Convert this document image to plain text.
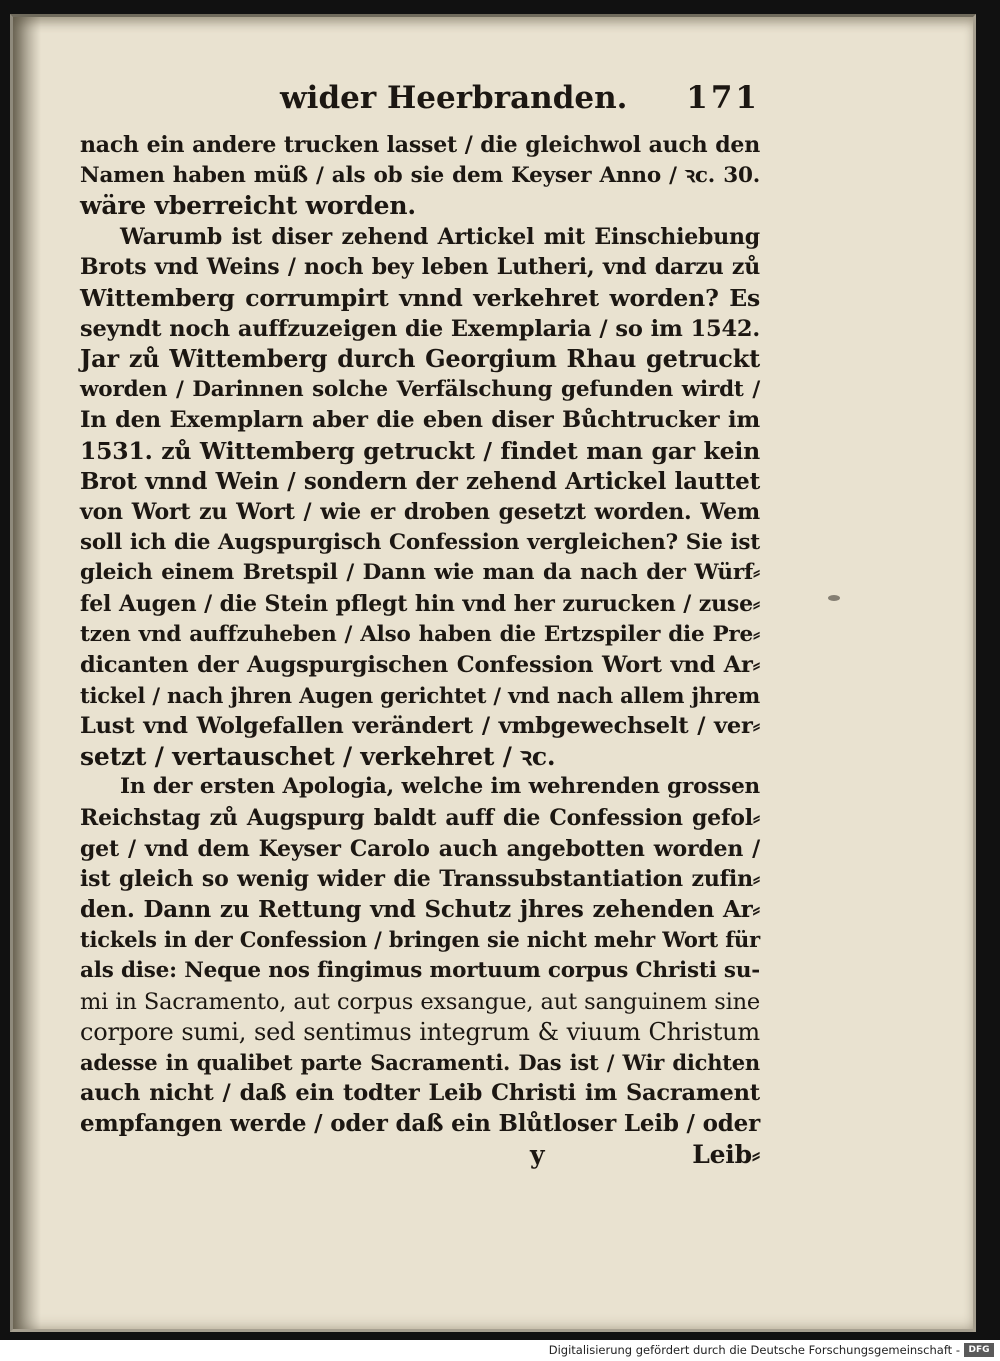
wider Heerbranden. 171
nach ein andere trucken lasset / die gleichwol auch den
Namen haben müß / als ob sie dem Keyser Anno / ꝛc. 30.
wäre vberreicht worden.
Warumb ist diser zehend Artickel mit Einschiebung
Brots vnd Weins / noch bey leben Lutheri, vnd darzu zů
Wittemberg corrumpirt vnnd verkehret worden? Es
seyndt noch auffzuzeigen die Exemplaria / so im 1542.
Jar zů Wittemberg durch Georgium Rhau getruckt
worden / Darinnen solche Verfälschung gefunden wirdt /
In den Exemplarn aber die eben diser Bůchtrucker im
1531. zů Wittemberg getruckt / findet man gar kein
Brot vnnd Wein / sondern der zehend Artickel lauttet
von Wort zu Wort / wie er droben gesetzt worden. Wem
soll ich die Augspurgisch Confession vergleichen? Sie ist
gleich einem Bretspil / Dann wie man da nach der Würf⸗
fel Augen / die Stein pflegt hin vnd her zurucken / zuse⸗
tzen vnd auffzuheben / Also haben die Ertzspiler die Pre⸗
dicanten der Augspurgischen Confession Wort vnd Ar⸗
tickel / nach jhren Augen gerichtet / vnd nach allem jhrem
Lust vnd Wolgefallen verändert / vmbgewechselt / ver⸗
setzt / vertauschet / verkehret / ꝛc.
In der ersten Apologia, welche im wehrenden grossen
Reichstag zů Augspurg baldt auff die Confession gefol⸗
get / vnd dem Keyser Carolo auch angebotten worden /
ist gleich so wenig wider die Transsubstantiation zufin⸗
den. Dann zu Rettung vnd Schutz jhres zehenden Ar⸗
tickels in der Confession / bringen sie nicht mehr Wort für
als dise: Neque nos fingimus mortuum corpus Christi su-
mi in Sacramento, aut corpus exsangue, aut sanguinem sine
corpore sumi, sed sentimus integrum & viuum Christum
adesse in qualibet parte Sacramenti. Das ist / Wir dichten
auch nicht / daß ein todter Leib Christi im Sacrament
empfangen werde / oder daß ein Blůtloser Leib / oder
y	Leib⸗
Digitalisierung gefördert durch die Deutsche Forschungsgemeinschaft - DFG
